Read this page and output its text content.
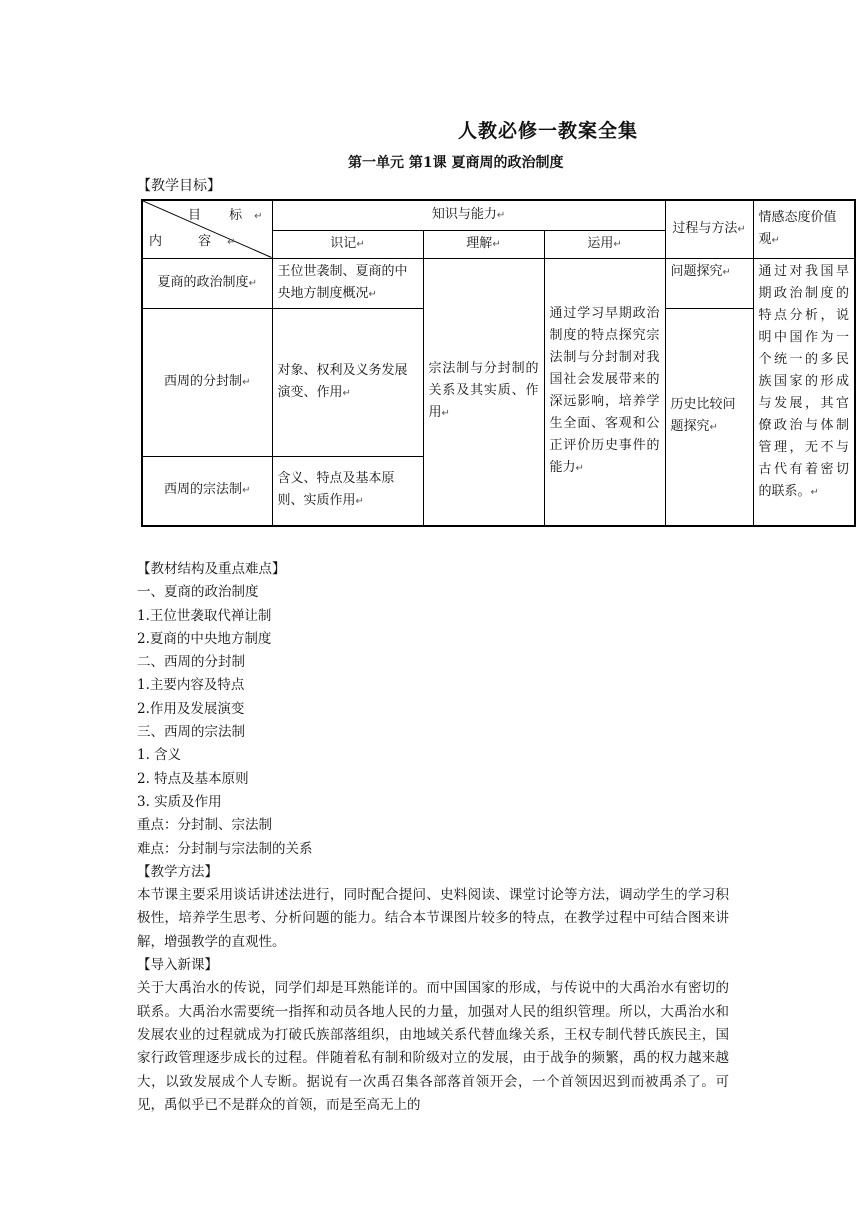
人教必修一教案全集
第一单元 第1课 夏商周的政治制度
【教学目标】
目 标 ↵
内 容 ↵	知识与能力 ↵			过程与方法 ↵	情感态度价值观 ↵
	识记 ↵	理解 ↵	运用 ↵
夏商的政治制度 ↵	王位世袭制、夏商的中央地方制度概况 ↵	宗法制与分封制的关系及其实质、作用 ↵	通过学习早期政治制度的特点探究宗法制与分封制对我国社会发展带来的深远影响，培养学生全面、客观和公正评价历史事件的能力 ↵	问题探究 ↵	通过对我国早期政治制度的特点分析，说明中国作为一个统一的多民族国家的形成与发展，其官僚政治与体制管理，无不与古代有着密切的联系。 ↵
西周的分封制 ↵	对象、权利及义务发展演变、作用 ↵			历史比较问题探究 ↵
西周的宗法制 ↵	含义、特点及基本原则、实质作用 ↵

【教材结构及重点难点】

一、夏商的政治制度

1.王位世袭取代禅让制

2.夏商的中央地方制度

二、西周的分封制

1.主要内容及特点

2.作用及发展演变

三、西周的宗法制

1. 含义

2. 特点及基本原则

3. 实质及作用

重点：分封制、宗法制

难点：分封制与宗法制的关系

【教学方法】

本节课主要采用谈话讲述法进行，同时配合提问、史料阅读、课堂讨论等方法，调动学生的学习积极性，培养学生思考、分析问题的能力。结合本节课图片较多的特点，在教学过程中可结合图来讲解，增强教学的直观性。

【导入新课】

关于大禹治水的传说，同学们却是耳熟能详的。而中国国家的形成，与传说中的大禹治水有密切的联系。大禹治水需要统一指挥和动员各地人民的力量，加强对人民的组织管理。所以，大禹治水和发展农业的过程就成为打破氏族部落组织，由地域关系代替血缘关系，王权专制代替氏族民主，国家行政管理逐步成长的过程。伴随着私有制和阶级对立的发展，由于战争的频繁，禹的权力越来越大，以致发展成个人专断。据说有一次禹召集各部落首领开会，一个首领因迟到而被禹杀了。可见，禹似乎已不是群众的首领，而是至高无上的
